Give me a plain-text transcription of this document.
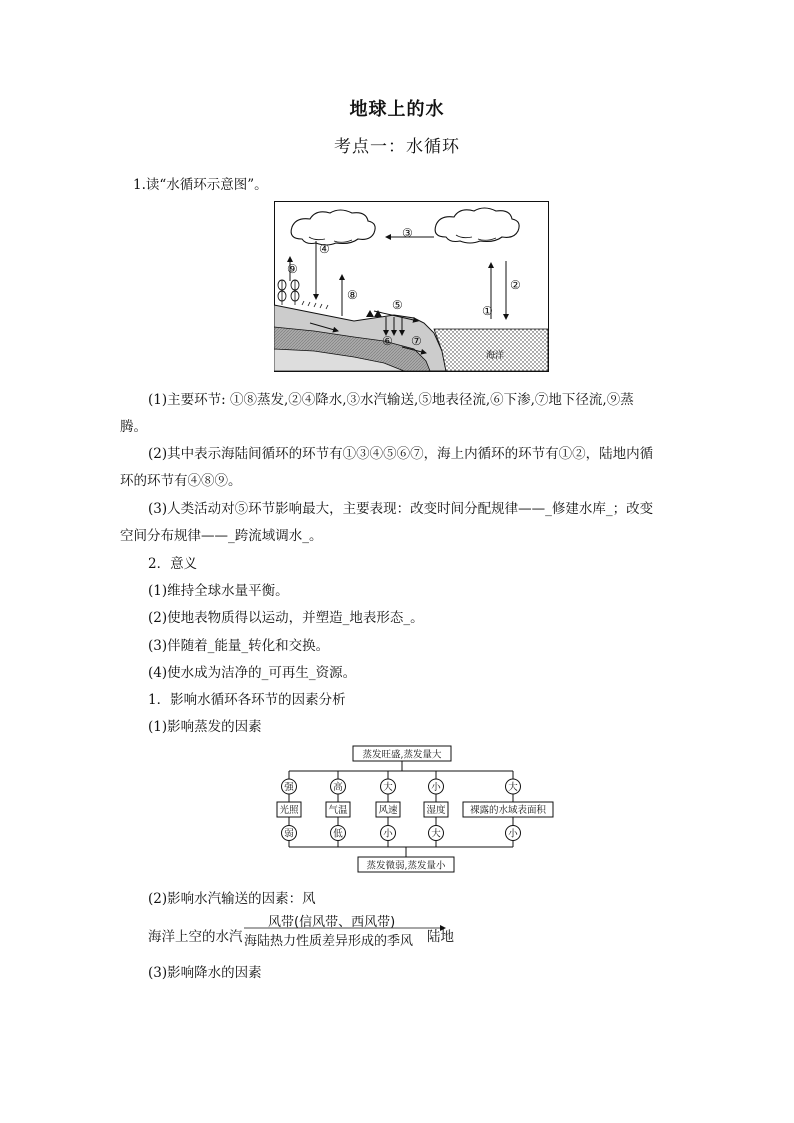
地球上的水
考点一：水循环
1.读“水循环示意图”。
①
②
③
④
⑤
⑥ ⑦
⑧
⑨
海洋
(1)主要环节: ①⑧蒸发,②④降水,③水汽输送,⑤地表径流,⑥下渗,⑦地下径流,⑨蒸
腾。
(2)其中表示海陆间循环的环节有①③④⑤⑥⑦，海上内循环的环节有①②，陆地内循
环的环节有④⑧⑨。
(3)人类活动对⑤环节影响最大，主要表现：改变时间分配规律——_修建水库_；改变
空间分布规律——_跨流域调水_。
2．意义
(1)维持全球水量平衡。
(2)使地表物质得以运动，并塑造_地表形态_。
(3)伴随着_能量_转化和交换。
(4)使水成为洁净的_可再生_资源。
1．影响水循环各环节的因素分析
(1)影响蒸发的因素
蒸发旺盛,蒸发量大
蒸发微弱,蒸发量小
强
光照
弱
高
气温
低
大
风速
小
小
湿度
大
大
裸露的水域表面积
小
(2)影响水汽输送的因素：风
海洋上空的水汽
风带(信风带、西风带)
海陆热力性质差异形成的季风 陆地
(3)影响降水的因素
